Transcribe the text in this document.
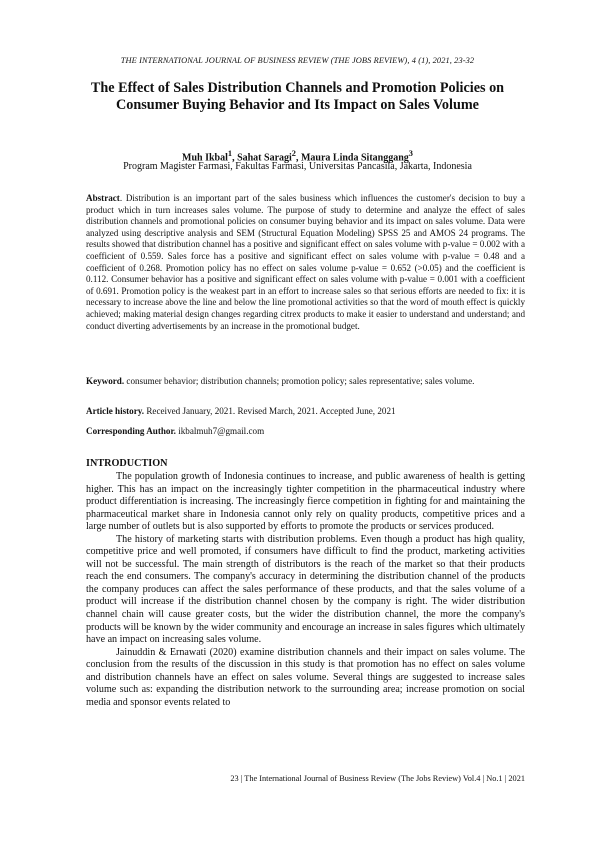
THE INTERNATIONAL JOURNAL OF BUSINESS REVIEW (THE JOBS REVIEW), 4 (1), 2021, 23-32
The Effect of Sales Distribution Channels and Promotion Policies on Consumer Buying Behavior and Its Impact on Sales Volume
Muh Ikbal$^1$, Sahat Saragi$^2$, Maura Linda Sitanggang$^3$
Program Magister Farmasi, Fakultas Farmasi, Universitas Pancasila, Jakarta, Indonesia
Abstract. Distribution is an important part of the sales business which influences the customer's decision to buy a product which in turn increases sales volume. The purpose of study to determine and analyze the effect of sales distribution channels and promotional policies on consumer buying behavior and its impact on sales volume. Data were analyzed using descriptive analysis and SEM (Structural Equation Modeling) SPSS 25 and AMOS 24 programs. The results showed that distribution channel has a positive and significant effect on sales volume with p-value = 0.002 with a coefficient of 0.559. Sales force has a positive and significant effect on sales volume with p-value = 0.48 and a coefficient of 0.268. Promotion policy has no effect on sales volume p-value = 0.652 (>0.05) and the coefficient is 0.112. Consumer behavior has a positive and significant effect on sales volume with p-value = 0.001 with a coefficient of 0.691. Promotion policy is the weakest part in an effort to increase sales so that serious efforts are needed to fix: it is necessary to increase above the line and below the line promotional activities so that the word of mouth effect is quickly achieved; making material design changes regarding citrex products to make it easier to understand and understand; and conduct diverting advertisements by an increase in the promotional budget.
Keyword. consumer behavior; distribution channels; promotion policy; sales representative; sales volume.
Article history. Received January, 2021. Revised March, 2021. Accepted June, 2021
Corresponding Author. ikbalmuh7@gmail.com
INTRODUCTION

The population growth of Indonesia continues to increase, and public awareness of health is getting higher. This has an impact on the increasingly tighter competition in the pharmaceutical industry where product differentiation is increasing. The increasingly fierce competition in fighting for and maintaining the pharmaceutical market share in Indonesia cannot only rely on quality products, competitive prices and a large number of outlets but is also supported by efforts to promote the products or services produced.

The history of marketing starts with distribution problems. Even though a product has high quality, competitive price and well promoted, if consumers have difficult to find the product, marketing activities will not be successful. The main strength of distributors is the reach of the market so that their products reach the end consumers. The company's accuracy in determining the distribution channel of the products the company produces can affect the sales performance of these products, and that the sales volume of a product will increase if the distribution channel chosen by the company is right. The wider distribution channel chain will cause greater costs, but the wider the distribution channel, the more the company's products will be known by the wider community and encourage an increase in sales figures which ultimately have an impact on increasing sales volume.

Jainuddin & Ernawati (2020) examine distribution channels and their impact on sales volume. The conclusion from the results of the discussion in this study is that promotion has no effect on sales volume and distribution channels have an effect on sales volume. Several things are suggested to increase sales volume such as: expanding the distribution network to the surrounding area; increase promotion on social media and sponsor events related to

23 | The International Journal of Business Review (The Jobs Review) Vol.4 | No.1 | 2021
